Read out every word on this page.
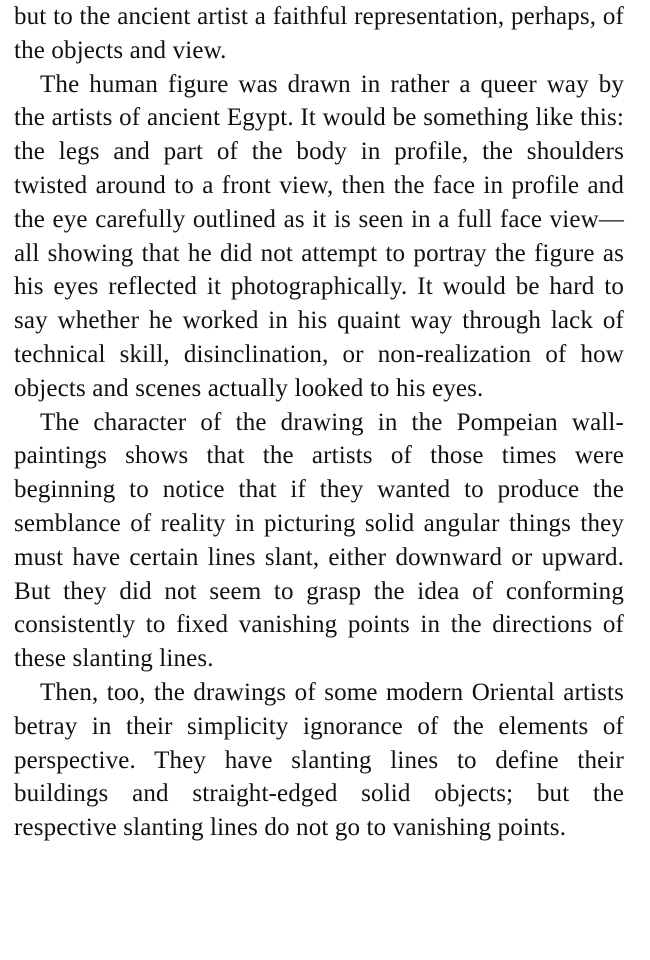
but to the ancient artist a faithful representation, perhaps, of the objects and view.

The human figure was drawn in rather a queer way by the artists of ancient Egypt. It would be something like this: the legs and part of the body in profile, the shoulders twisted around to a front view, then the face in profile and the eye carefully outlined as it is seen in a full face view—all showing that he did not attempt to portray the figure as his eyes reflected it photographically. It would be hard to say whether he worked in his quaint way through lack of technical skill, disinclination, or non-realization of how objects and scenes actually looked to his eyes.

The character of the drawing in the Pompeian wall-paintings shows that the artists of those times were beginning to notice that if they wanted to produce the semblance of reality in picturing solid angular things they must have certain lines slant, either downward or upward. But they did not seem to grasp the idea of conforming consistently to fixed vanishing points in the directions of these slanting lines.

Then, too, the drawings of some modern Oriental artists betray in their simplicity ignorance of the elements of perspective. They have slanting lines to define their buildings and straight-edged solid objects; but the respective slanting lines do not go to vanishing points.
